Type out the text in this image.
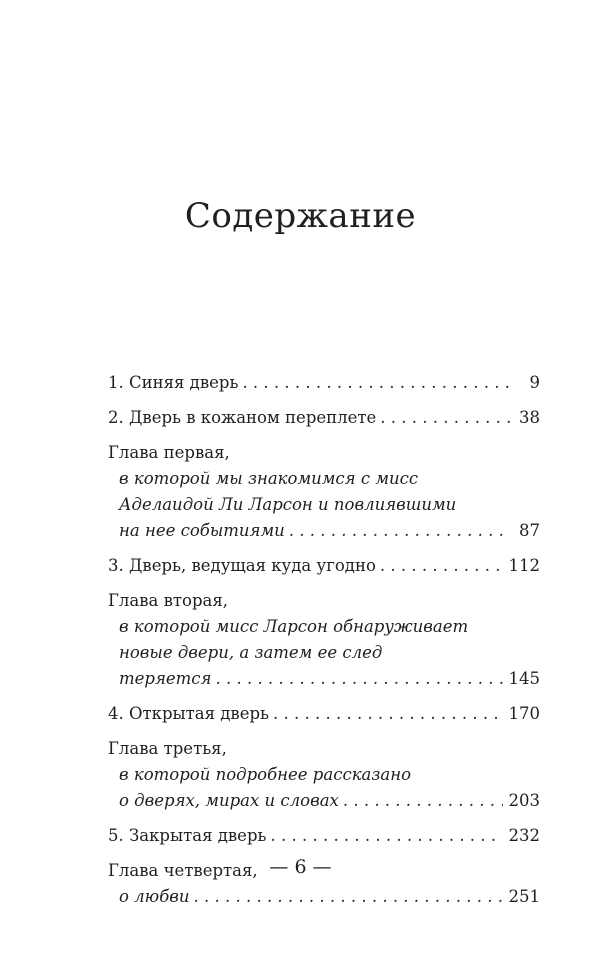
Содержание
1. Синяя дверь . . .	9
2. Дверь в кожаном переплете . . .	38
Глава первая,
в которой мы знакомимся с мисс
Аделаидой Ли Ларсон и повлиявшими
на нее событиями . . .	87
3. Дверь, ведущая куда угодно . . .	112
Глава вторая,
в которой мисс Ларсон обнаруживает
новые двери, а затем ее след
теряется . . .	145
4. Открытая дверь . . .	170
Глава третья,
в которой подробнее рассказано
о дверях, мирах и словах . . .	203
5. Закрытая дверь . . .	232
Глава четвертая,
о любви . . .	251
— 6 —
